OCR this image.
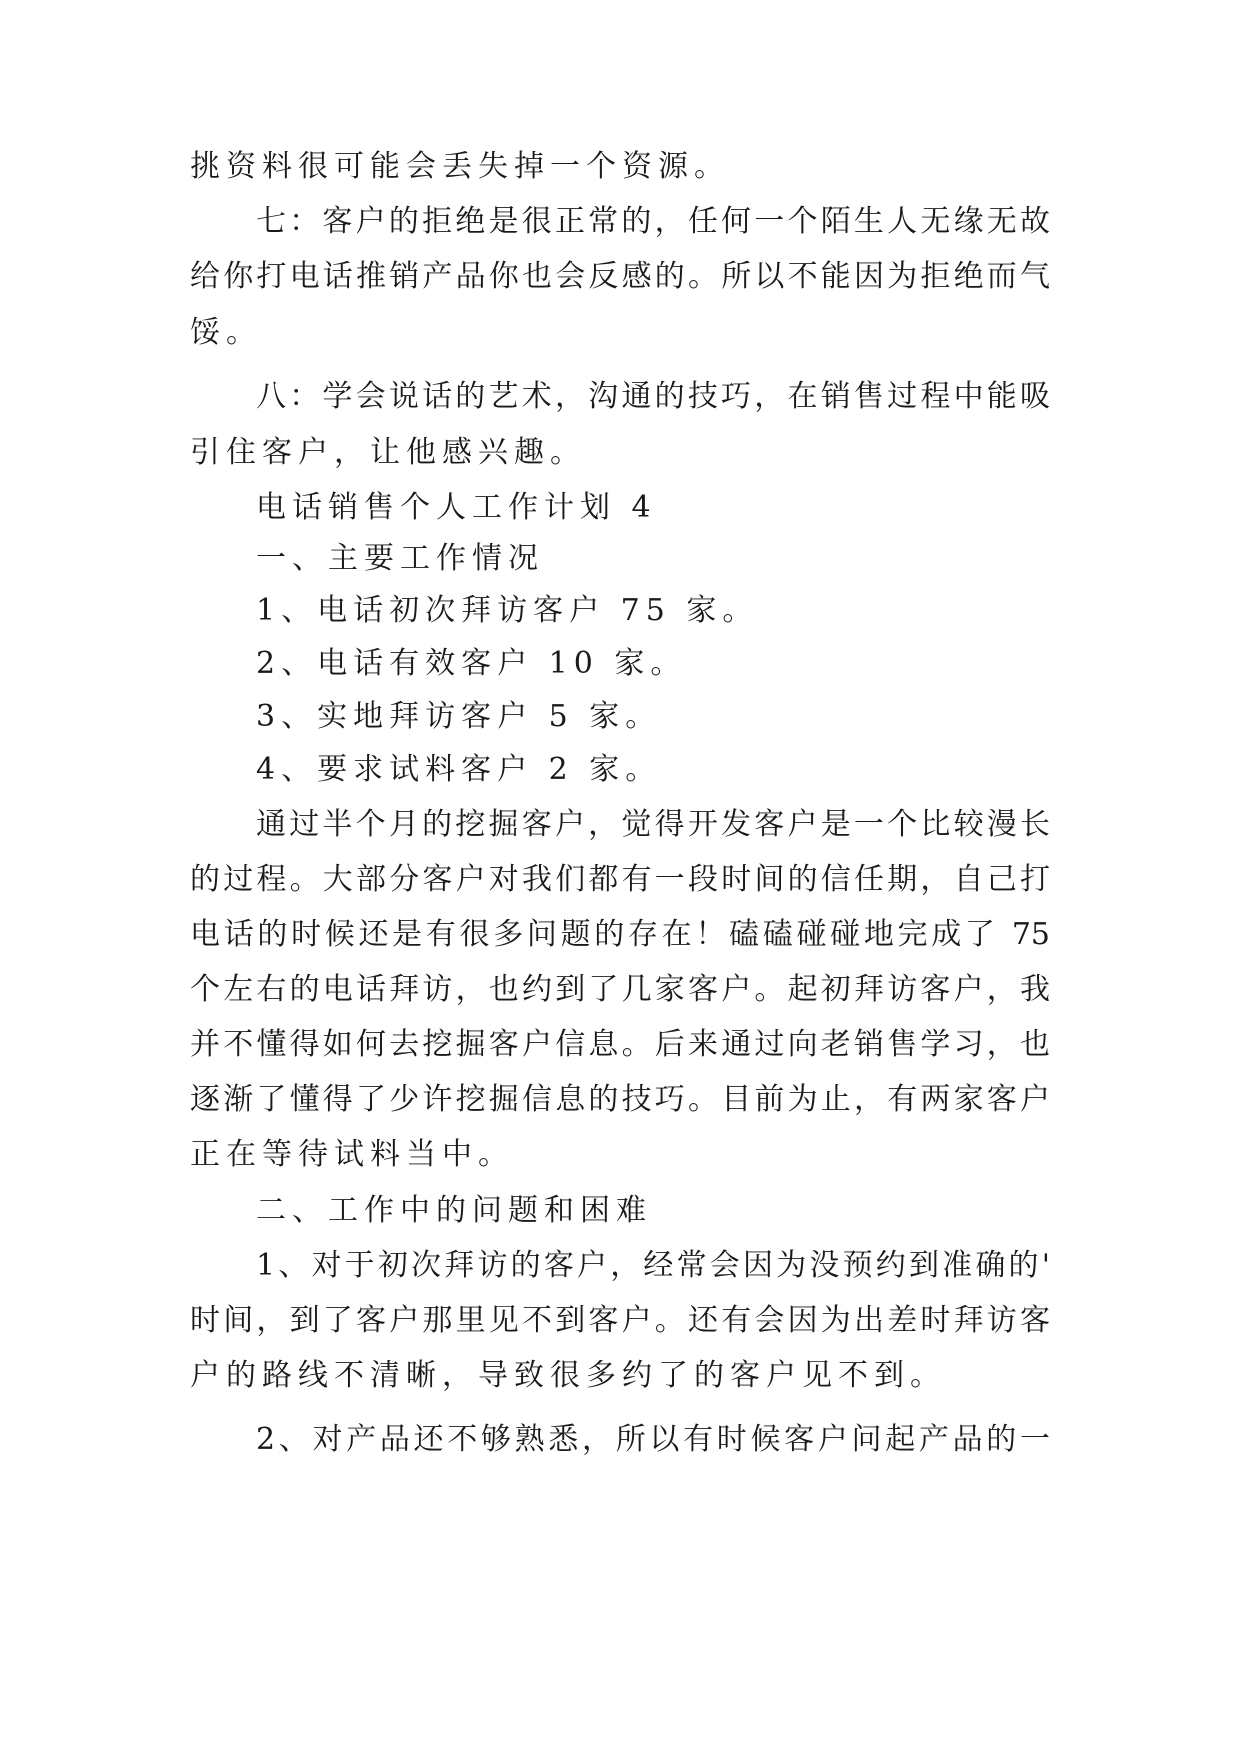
挑资料很可能会丢失掉一个资源。
七：客户的拒绝是很正常的，任何一个陌生人无缘无故
给你打电话推销产品你也会反感的。所以不能因为拒绝而气
馁。
八：学会说话的艺术，沟通的技巧，在销售过程中能吸
引住客户，让他感兴趣。
电话销售个人工作计划 4
一、主要工作情况
1、电话初次拜访客户 75 家。
2、电话有效客户 10 家。
3、实地拜访客户 5 家。
4、要求试料客户 2 家。
通过半个月的挖掘客户，觉得开发客户是一个比较漫长
的过程。大部分客户对我们都有一段时间的信任期，自己打
电话的时候还是有很多问题的存在！磕磕碰碰地完成了 75
个左右的电话拜访，也约到了几家客户。起初拜访客户，我
并不懂得如何去挖掘客户信息。后来通过向老销售学习，也
逐渐了懂得了少许挖掘信息的技巧。目前为止，有两家客户
正在等待试料当中。
二、工作中的问题和困难
1、对于初次拜访的客户，经常会因为没预约到准确的'
时间，到了客户那里见不到客户。还有会因为出差时拜访客
户的路线不清晰，导致很多约了的客户见不到。
2、对产品还不够熟悉，所以有时候客户问起产品的一
